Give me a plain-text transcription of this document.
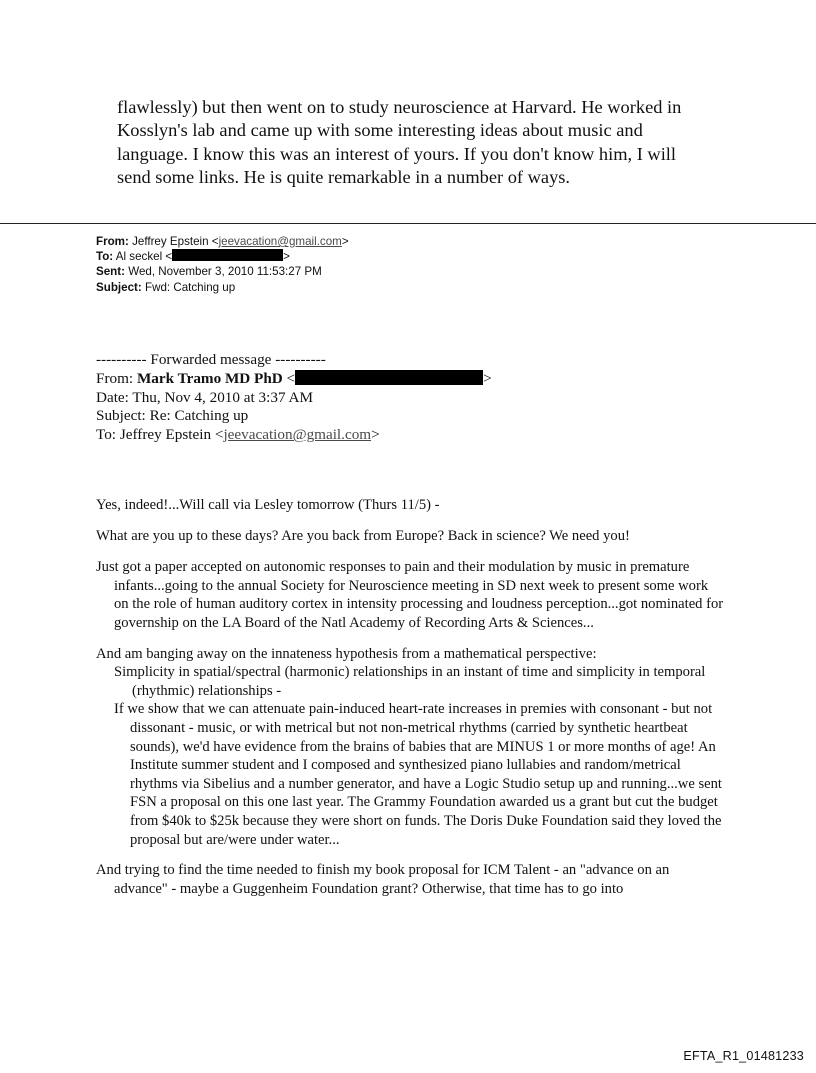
flawlessly) but then went on to study neuroscience at Harvard. He worked in

Kosslyn's lab and came up with some interesting ideas about music and

language. I know this was an interest of yours. If you don't know him, I will

send some links. He is quite remarkable in a number of ways.

From: Jeffrey Epstein <jeevacation@gmail.com>
To: Al seckel <	>
Sent: Wed, November 3, 2010 11:53:27 PM
Subject: Fwd: Catching up
---------- Forwarded message ----------
From: Mark Tramo MD PhD <	>
Date: Thu, Nov 4, 2010 at 3:37 AM
Subject: Re: Catching up
To: Jeffrey Epstein <jeevacation@gmail.com>

Yes, indeed!...Will call via Lesley tomorrow (Thurs 11/5) -

What are you up to these days? Are you back from Europe? Back in science? We need you!

Just got a paper accepted on autonomic responses to pain and their modulation by music in premature infants...going to the annual Society for Neuroscience meeting in SD next week to present some work on the role of human auditory cortex in intensity processing and loudness perception...got nominated for governship on the LA Board of the Natl Academy of Recording Arts & Sciences...

And am banging away on the innateness hypothesis from a mathematical perspective:

Simplicity in spatial/spectral (harmonic) relationships in an instant of time and simplicity in temporal (rhythmic) relationships -

If we show that we can attenuate pain-induced heart-rate increases in premies with consonant - but not dissonant - music, or with metrical but not non-metrical rhythms (carried by synthetic heartbeat sounds), we'd have evidence from the brains of babies that are MINUS 1 or more months of age! An Institute summer student and I composed and synthesized piano lullabies and random/metrical rhythms via Sibelius and a number generator, and have a Logic Studio setup up and running...we sent FSN a proposal on this one last year. The Grammy Foundation awarded us a grant but cut the budget from $40k to $25k because they were short on funds. The Doris Duke Foundation said they loved the proposal but are/were under water...

And trying to find the time needed to finish my book proposal for ICM Talent - an "advance on an advance" - maybe a Guggenheim Foundation grant? Otherwise, that time has to go into

EFTA_R1_01481233
